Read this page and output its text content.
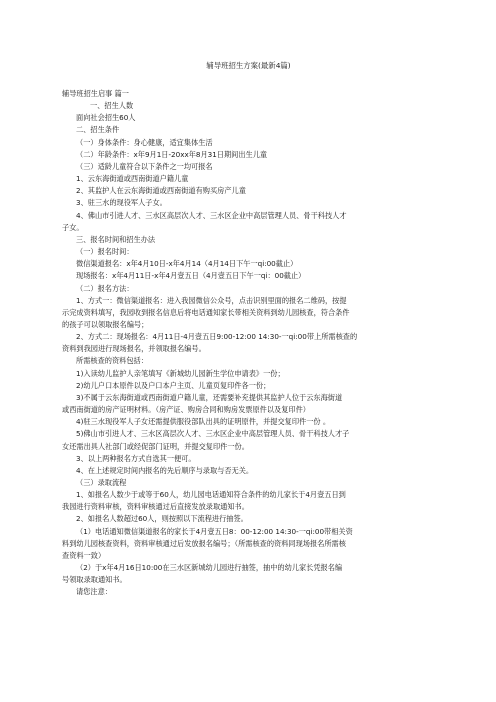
辅导班招生方案(最新4篇)
辅导班招生启事 篇一
一、招生人数
面向社会招生60人
二、招生条件
（一）身体条件：身心健康，适宜集体生活
（二）年龄条件：x年9月1日-20xx年8月31日期间出生儿童
（三）适龄儿童符合以下条件之一均可报名
1、云东海街道或西南街道户籍儿童
2、其监护人在云东海街道或西南街道有购买房产儿童
3、驻三水的现役军人子女。
4、佛山市引进人才、三水区高层次人才、三水区企业中高层管理人员、骨干科技人才
子女。
三、报名时间和招生办法
（一）报名时间：
微信渠道报名：x年4月10日-x年4月14（4月14日下午一qi:00截止）
现场报名：x年4月11日-x年4月壹五日（4月壹五日下午一qi：00截止）
（二）报名方法：
1、方式一：微信渠道报名：进入我园微信公众号，点击识别里面的报名二维码，按提
示完成资料填写，我园收到报名信息后将电话通知家长带相关资料到幼儿园核查，符合条件
的孩子可以领取报名编号；
2、方式二：现场报名：4月11日-4月壹五日9:00-12:00 14:30-一qi:00带上所需核查的
资料到我园进行现场报名，并领取报名编号。
所需核查的资料包括：
1)入读幼儿监护人亲笔填写《新城幼儿园新生学位申请表》一份；
2)幼儿户口本原件以及户口本户主页、儿童页复印件各一份；
3)不属于云东海街道或西南街道户籍儿童，还需要补充提供其监护人位于云东海街道
或西南街道的房产证明材料。（房产证、购房合同和购房发票原件以及复印件）
4)驻三水现役军人子女还需提供服役部队出具的证明原件，并提交复印件一份 。
5)佛山市引进人才、三水区高层次人才、三水区企业中高层管理人员、骨干科技人才子
女还需出具人社部门或经促部门证明，并提交复印件一份。
3、以上两种报名方式自选其一便可。
4、在上述规定时间内报名的先后顺序与录取与否无关。
（三）录取流程
1、如报名人数少于或等于60人，幼儿园电话通知符合条件的幼儿家长于4月壹五日到
我园进行资料审核，资料审核通过后直接发放录取通知书。
2、如报名人数超过60人，则按照以下流程进行抽签。
（1）电话通知微信渠道报名的家长于4月壹五日8：00-12:00 14:30-一qi:00带相关资
料到幼儿园核查资料，资料审核通过后发放报名编号；（所需核查的资料同现场报名所需核
查资料一致）
（2）于x年4月16日10:00在三水区新城幼儿园进行抽签，抽中的幼儿家长凭报名编
号领取录取通知书。
请您注意：
